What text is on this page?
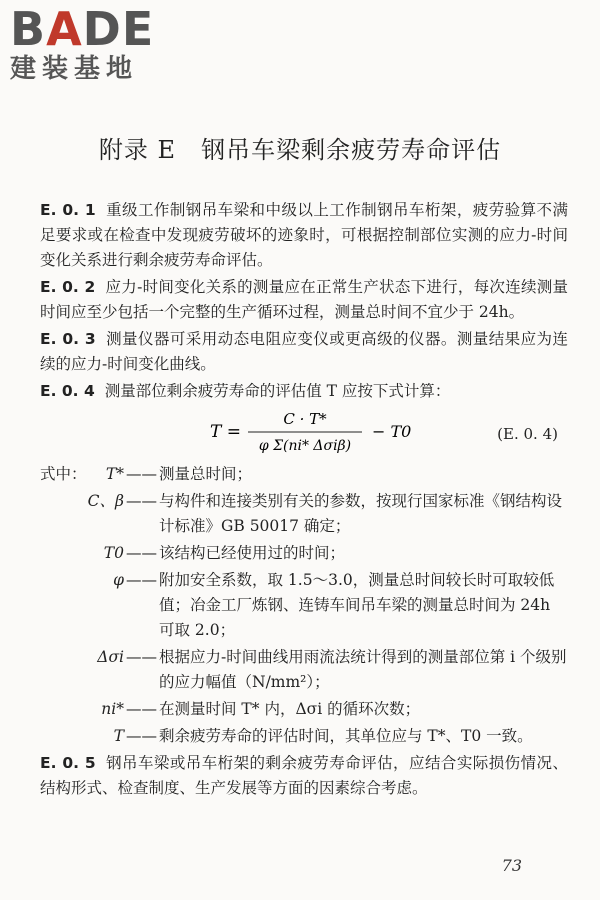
BADE
建装基地
附录 E　钢吊车梁剩余疲劳寿命评估

E. 0. 1 重级工作制钢吊车梁和中级以上工作制钢吊车桁架，疲劳验算不满足要求或在检查中发现疲劳破坏的迹象时，可根据控制部位实测的应力-时间变化关系进行剩余疲劳寿命评估。

E. 0. 2 应力-时间变化关系的测量应在正常生产状态下进行，每次连续测量时间应至少包括一个完整的生产循环过程，测量总时间不宜少于 24h。

E. 0. 3 测量仪器可采用动态电阻应变仪或更高级的仪器。测量结果应为连续的应力-时间变化曲线。

E. 0. 4 测量部位剩余疲劳寿命的评估值 T 应按下式计算：

T =
C · T*
φ Σ(ni* Δσiβ)
− T0	(E. 0. 4)
式中：	T* —— 测量总时间；
C、β —— 与构件和连接类别有关的参数，按现行国家标准《钢结构设计标准》GB 50017 确定；
T0 —— 该结构已经使用过的时间；
φ —— 附加安全系数，取 1.5～3.0，测量总时间较长时可取较低值；冶金工厂炼钢、连铸车间吊车梁的测量总时间为 24h 可取 2.0；
Δσi —— 根据应力-时间曲线用雨流法统计得到的测量部位第 i 个级别的应力幅值（N/mm²）；
ni* —— 在测量时间 T* 内，Δσi 的循环次数；
T —— 剩余疲劳寿命的评估时间，其单位应与 T*、T0 一致。

E. 0. 5 钢吊车梁或吊车桁架的剩余疲劳寿命评估，应结合实际损伤情况、结构形式、检查制度、生产发展等方面的因素综合考虑。

73
